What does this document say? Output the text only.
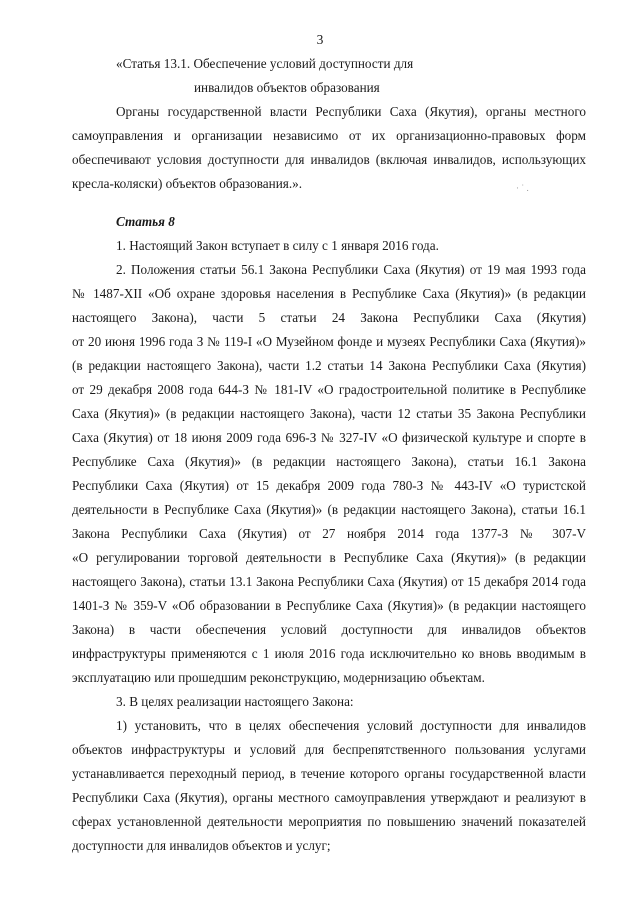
3
«Статья 13.1. Обеспечение условий доступности для
инвалидов объектов образования
Органы государственной власти Республики Саха (Якутия), органы местного
самоуправления и организации независимо от их организационно-правовых форм
обеспечивают условия доступности для инвалидов (включая инвалидов, использующих
кресла-коляски) объектов образования.».	· ˙ .
Статья 8
1. Настоящий Закон вступает в силу с 1 января 2016 года.
2. Положения статьи 56.1 Закона Республики Саха (Якутия) от 19 мая 1993 года
№ 1487-XII «Об охране здоровья населения в Республике Саха (Якутия)» (в редакции
настоящего Закона), части 5 статьи 24 Закона Республики Саха (Якутия)
от 20 июня 1996 года З № 119-I «О Музейном фонде и музеях Республики Саха (Якутия)»
(в редакции настоящего Закона), части 1.2 статьи 14 Закона Республики Саха (Якутия)
от 29 декабря 2008 года 644-З № 181-IV «О градостроительной политике в Республике
Саха (Якутия)» (в редакции настоящего Закона), части 12 статьи 35 Закона Республики
Саха (Якутия) от 18 июня 2009 года 696-З № 327-IV «О физической культуре и спорте в
Республике Саха (Якутия)» (в редакции настоящего Закона), статьи 16.1 Закона
Республики Саха (Якутия) от 15 декабря 2009 года 780-З № 443-IV «О туристской
деятельности в Республике Саха (Якутия)» (в редакции настоящего Закона), статьи 16.1
Закона Республики Саха (Якутия) от 27 ноября 2014 года 1377-З № 307-V
«О регулировании торговой деятельности в Республике Саха (Якутия)» (в редакции
настоящего Закона), статьи 13.1 Закона Республики Саха (Якутия) от 15 декабря 2014 года
1401-З № 359-V «Об образовании в Республике Саха (Якутия)» (в редакции настоящего
Закона) в части обеспечения условий доступности для инвалидов объектов
инфраструктуры применяются с 1 июля 2016 года исключительно ко вновь вводимым в
эксплуатацию или прошедшим реконструкцию, модернизацию объектам.
3. В целях реализации настоящего Закона:
1) установить, что в целях обеспечения условий доступности для инвалидов
объектов инфраструктуры и условий для беспрепятственного пользования услугами
устанавливается переходный период, в течение которого органы государственной власти
Республики Саха (Якутия), органы местного самоуправления утверждают и реализуют в
сферах установленной деятельности мероприятия по повышению значений показателей
доступности для инвалидов объектов и услуг;
